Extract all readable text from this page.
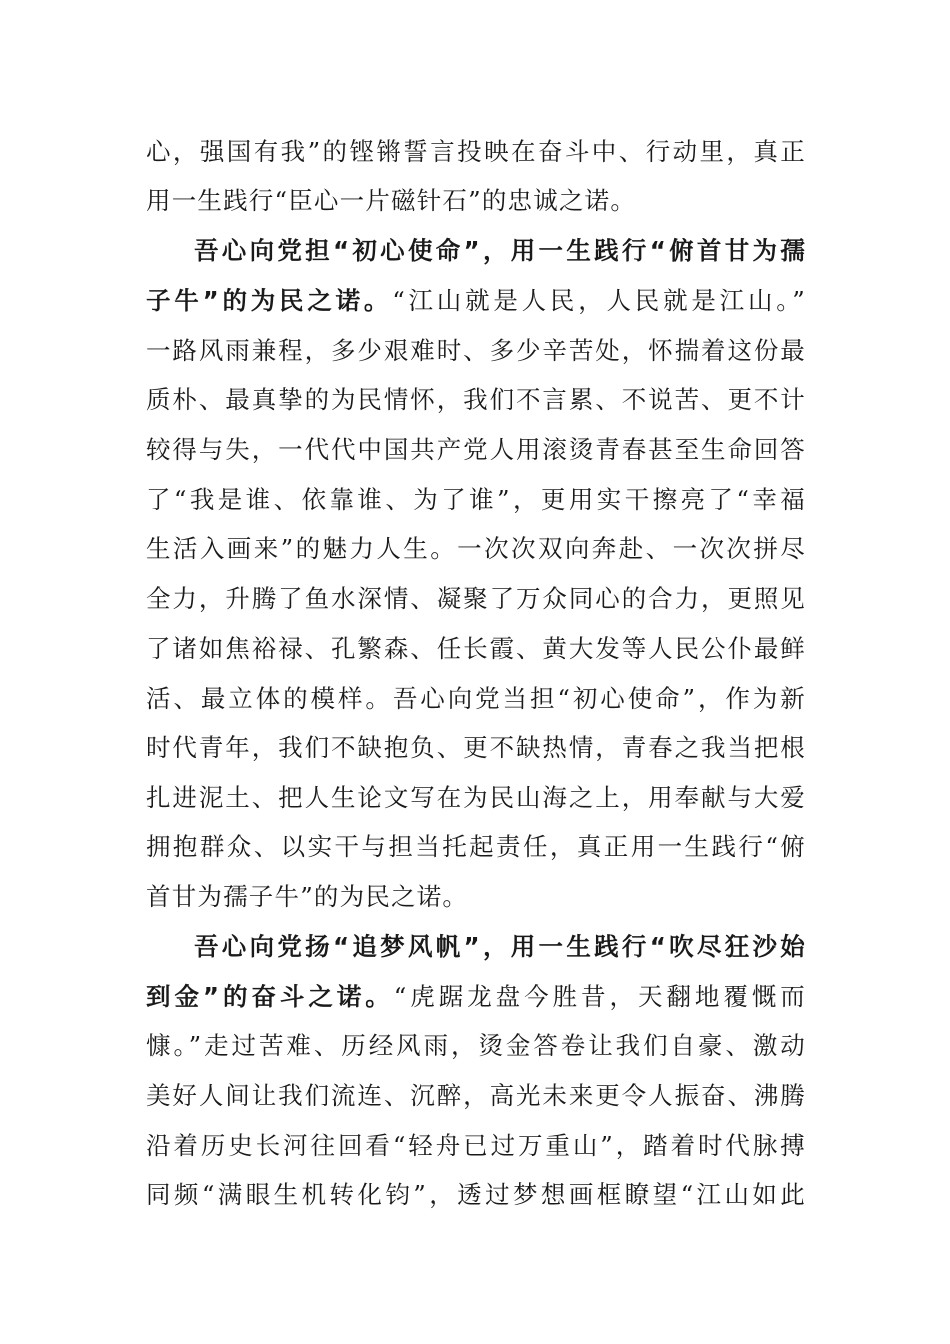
心，强国有我”的铿锵誓言投映在奋斗中、行动里，真正

用一生践行“臣心一片磁针石”的忠诚之诺。

吾心向党担“初心使命”，用一生践行“俯首甘为孺

子牛”的为民之诺。“江山就是人民，人民就是江山。”

一路风雨兼程，多少艰难时、多少辛苦处，怀揣着这份最

质朴、最真挚的为民情怀，我们不言累、不说苦、更不计

较得与失，一代代中国共产党人用滚烫青春甚至生命回答

了“我是谁、依靠谁、为了谁”，更用实干擦亮了“幸福

生活入画来”的魅力人生。一次次双向奔赴、一次次拼尽

全力，升腾了鱼水深情、凝聚了万众同心的合力，更照见

了诸如焦裕禄、孔繁森、任长霞、黄大发等人民公仆最鲜

活、最立体的模样。吾心向党当担“初心使命”，作为新

时代青年，我们不缺抱负、更不缺热情，青春之我当把根

扎进泥土、把人生论文写在为民山海之上，用奉献与大爱

拥抱群众、以实干与担当托起责任，真正用一生践行“俯

首甘为孺子牛”的为民之诺。

吾心向党扬“追梦风帆”，用一生践行“吹尽狂沙始

到金”的奋斗之诺。“虎踞龙盘今胜昔，天翻地覆慨而

慷。”走过苦难、历经风雨，烫金答卷让我们自豪、激动

美好人间让我们流连、沉醉，高光未来更令人振奋、沸腾

沿着历史长河往回看“轻舟已过万重山”，踏着时代脉搏

同频“满眼生机转化钧”，透过梦想画框瞭望“江山如此
